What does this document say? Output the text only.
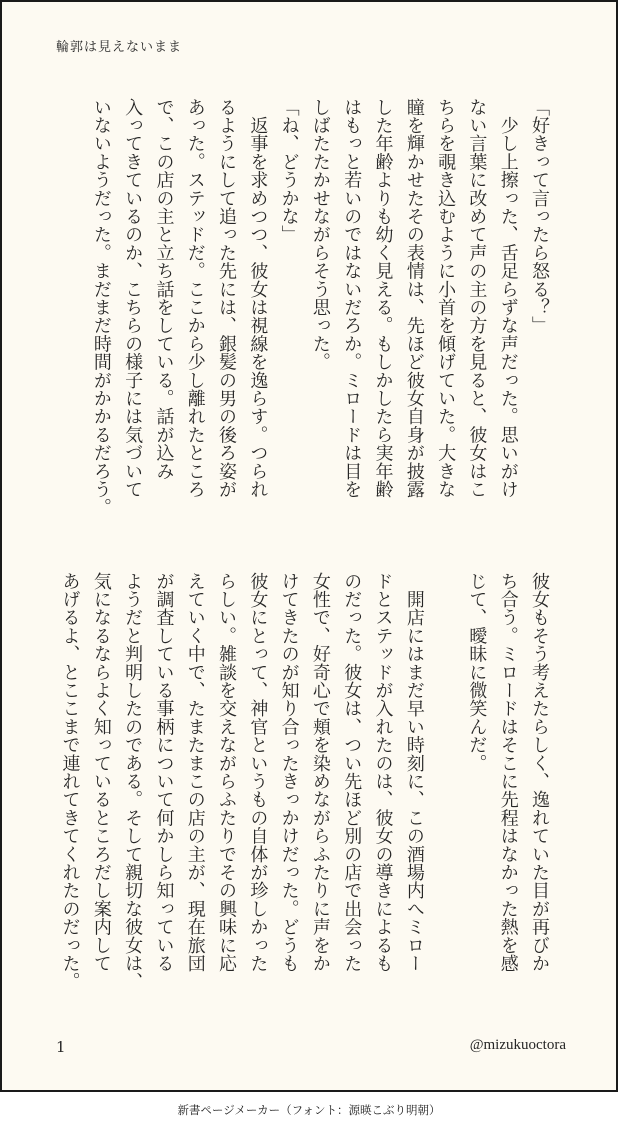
輪郭は見えないまま

「好きって言ったら怒る？」

　少し上擦った、舌足らずな声だった。思いがけ

ない言葉に改めて声の主の方を見ると、彼女はこ

ちらを覗き込むように小首を傾げていた。大きな

瞳を輝かせたその表情は、先ほど彼女自身が披露

した年齢よりも幼く見える。もしかしたら実年齢

はもっと若いのではないだろか。ミロードは目を

しばたたかせながらそう思った。

「ね、どうかな」

　返事を求めつつ、彼女は視線を逸らす。つられ

るようにして追った先には、銀髪の男の後ろ姿が

あった。ステッドだ。ここから少し離れたところ

で、この店の主と立ち話をしている。話が込み

入ってきているのか、こちらの様子には気づいて

いないようだった。まだまだ時間がかかるだろう。

彼女もそう考えたらしく、逸れていた目が再びか

ち合う。ミロードはそこに先程はなかった熱を感

じて、曖昧に微笑んだ。

　開店にはまだ早い時刻に、この酒場内へミロー

ドとステッドが入れたのは、彼女の導きによるも

のだった。彼女は、つい先ほど別の店で出会った

女性で、好奇心で頬を染めながらふたりに声をか

けてきたのが知り合ったきっかけだった。どうも

彼女にとって、神官というもの自体が珍しかった

らしい。雑談を交えながらふたりでその興味に応

えていく中で、たまたまこの店の主が、現在旅団

が調査している事柄について何かしら知っている

ようだと判明したのである。そして親切な彼女は、

気になるならよく知っているところだし案内して

あげるよ、とここまで連れてきてくれたのだった。

1	@mizukuoctora
新書ページメーカー（フォント：源暎こぶり明朝）
